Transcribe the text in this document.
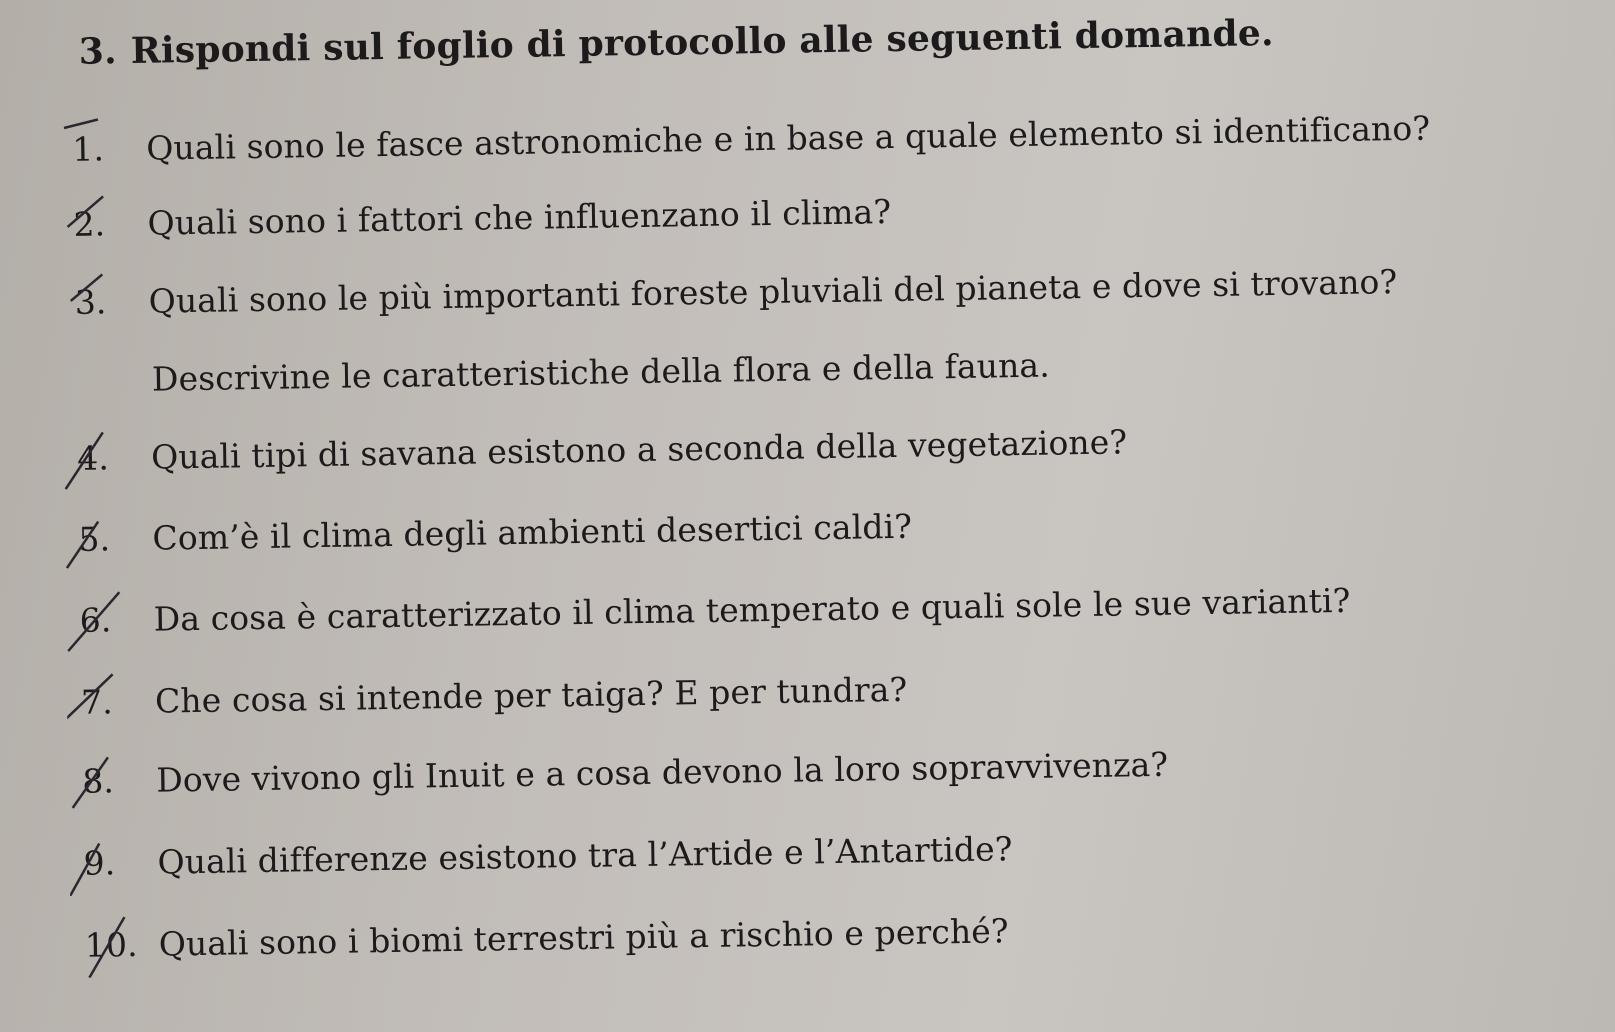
3. Rispondi sul foglio di protocollo alle seguenti domande.
1. Quali sono le fasce astronomiche e in base a quale elemento si identificano?
2. Quali sono i fattori che influenzano il clima?
3. Quali sono le più importanti foreste pluviali del pianeta e dove si trovano?
Descrivine le caratteristiche della flora e della fauna.
4. Quali tipi di savana esistono a seconda della vegetazione?
5. Com’è il clima degli ambienti desertici caldi?
6. Da cosa è caratterizzato il clima temperato e quali sole le sue varianti?
7. Che cosa si intende per taiga? E per tundra?
8. Dove vivono gli Inuit e a cosa devono la loro sopravvivenza?
9. Quali differenze esistono tra l’Artide e l’Antartide?
10. Quali sono i biomi terrestri più a rischio e perché?
